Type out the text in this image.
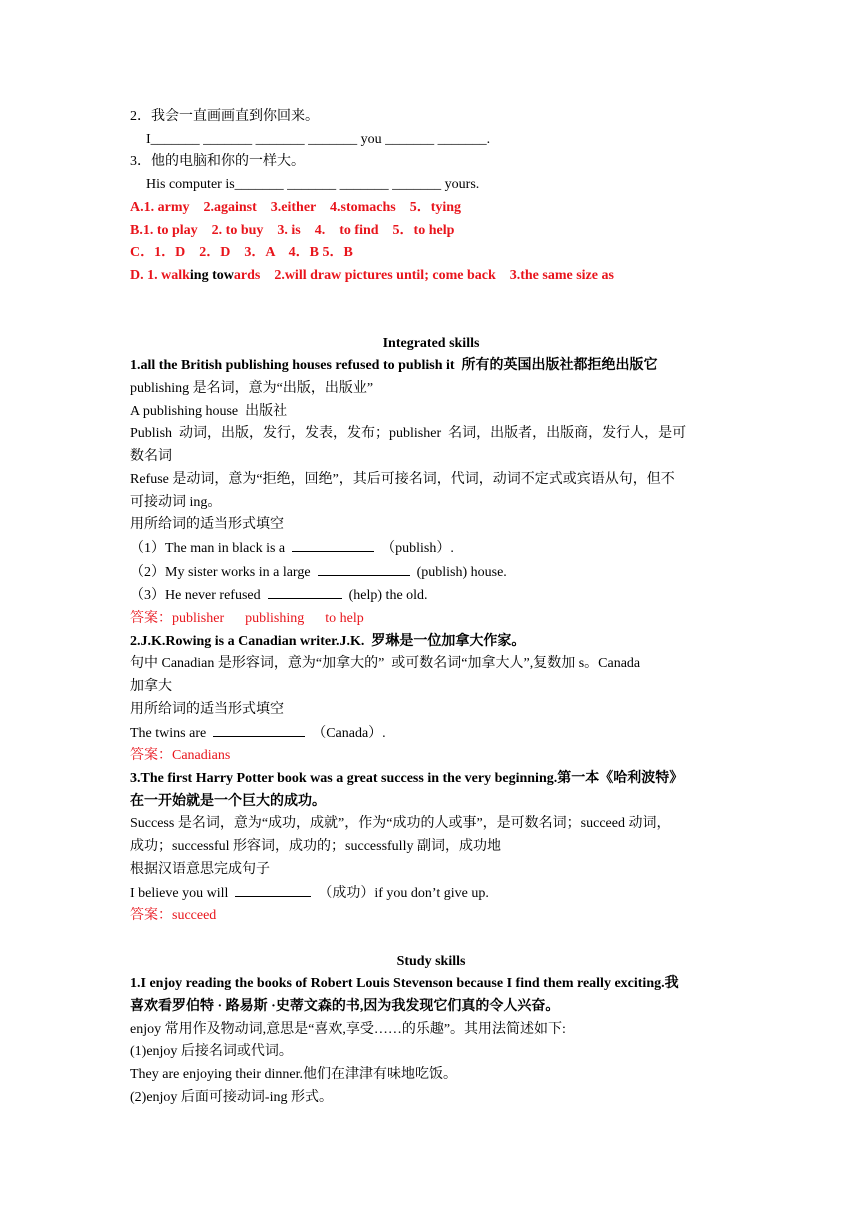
2．我会一直画画直到你回来。
I_______ _______ _______ _______ you _______ _______.
3．他的电脑和你的一样大。
His computer is_______ _______ _______ _______ yours.
A.1. army    2.against    3.either    4.stomachs    5．tying
B.1. to play    2. to buy    3. is    4.    to find    5．to help
C．1．D    2．D    3．A    4．B 5．B
D. 1. walking towards    2.will draw pictures until; come back    3.the same size as
Integrated skills
1.all the British publishing houses refused to publish it  所有的英国出版社都拒绝出版它
publishing 是名词，意为“出版，出版业”
A publishing house  出版社
Publish  动词，出版，发行，发表，发布；publisher  名词，出版者，出版商，发行人，是可
数名词
Refuse 是动词，意为“拒绝，回绝”，其后可接名词，代词，动词不定式或宾语从句，但不
可接动词 ing。
用所给词的适当形式填空
（1）The man in black is a	（publish）.
（2）My sister works in a large	(publish) house.
（3）He never refused	(help) the old.
答案：publisher      publishing      to help
2.J.K.Rowing is a Canadian writer.J.K.  罗琳是一位加拿大作家。
句中 Canadian 是形容词，意为“加拿大的”  或可数名词“加拿大人”,复数加 s。Canada
加拿大
用所给词的适当形式填空
The twins are	（Canada）.
答案：Canadians
3.The first Harry Potter book was a great success in the very beginning.第一本《哈利波特》
在一开始就是一个巨大的成功。
Success 是名词，意为“成功，成就”，作为“成功的人或事”，是可数名词；succeed 动词，
成功；successful 形容词，成功的；successfully 副词，成功地
根据汉语意思完成句子
I believe you will	（成功）if you don’t give up.
答案：succeed
Study skills
1.I enjoy reading the books of Robert Louis Stevenson because I find them really exciting.我
喜欢看罗伯特 · 路易斯 ·史蒂文森的书,因为我发现它们真的令人兴奋。
enjoy 常用作及物动词,意思是“喜欢,享受……的乐趣”。其用法简述如下:
(1)enjoy 后接名词或代词。
They are enjoying their dinner.他们在津津有味地吃饭。
(2)enjoy 后面可接动词-ing 形式。
